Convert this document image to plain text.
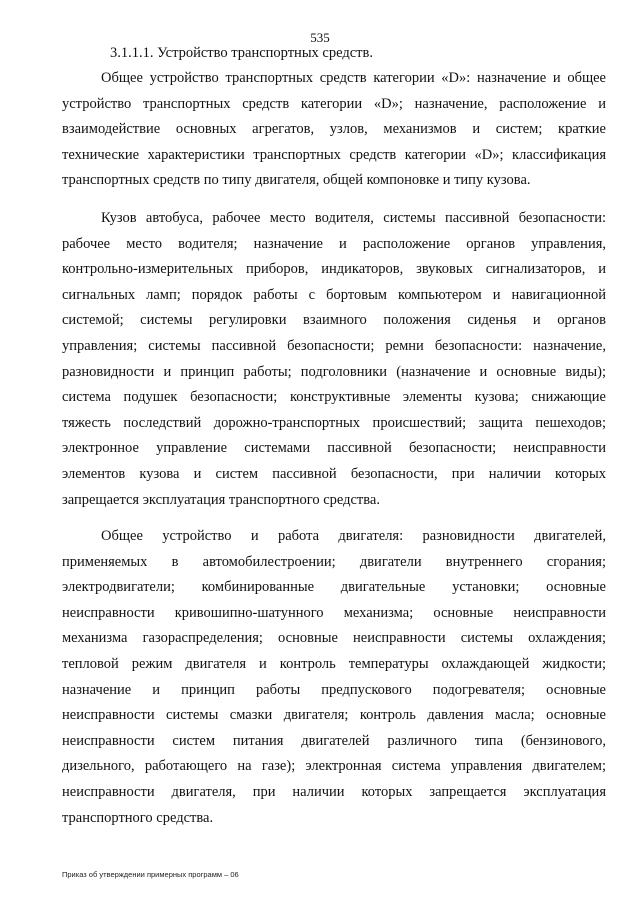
535
3.1.1.1. Устройство транспортных средств.
Общее устройство транспортных средств категории «D»: назначение и общее
устройство транспортных средств категории «D»; назначение, расположение и
взаимодействие основных агрегатов, узлов, механизмов и систем; краткие
технические характеристики транспортных средств категории «D»; классификация
транспортных средств по типу двигателя, общей компоновке и типу кузова.
Кузов автобуса, рабочее место водителя, системы пассивной безопасности:
рабочее место водителя; назначение и расположение органов управления,
контрольно-измерительных приборов, индикаторов, звуковых сигнализаторов, и
сигнальных ламп; порядок работы с бортовым компьютером и навигационной
системой; системы регулировки взаимного положения сиденья и органов
управления; системы пассивной безопасности; ремни безопасности: назначение,
разновидности и принцип работы; подголовники (назначение и основные виды);
система подушек безопасности; конструктивные элементы кузова; снижающие
тяжесть последствий дорожно-транспортных происшествий; защита пешеходов;
электронное управление системами пассивной безопасности; неисправности
элементов кузова и систем пассивной безопасности, при наличии которых
запрещается эксплуатация транспортного средства.
Общее устройство и работа двигателя: разновидности двигателей,
применяемых в автомобилестроении; двигатели внутреннего сгорания;
электродвигатели; комбинированные двигательные установки; основные
неисправности кривошипно-шатунного механизма; основные неисправности
механизма газораспределения; основные неисправности системы охлаждения;
тепловой режим двигателя и контроль температуры охлаждающей жидкости;
назначение и принцип работы предпускового подогревателя; основные
неисправности системы смазки двигателя; контроль давления масла; основные
неисправности систем питания двигателей различного типа (бензинового,
дизельного, работающего на газе); электронная система управления двигателем;
неисправности двигателя, при наличии которых запрещается эксплуатация
транспортного средства.
Приказ об утверждении примерных программ – 06
